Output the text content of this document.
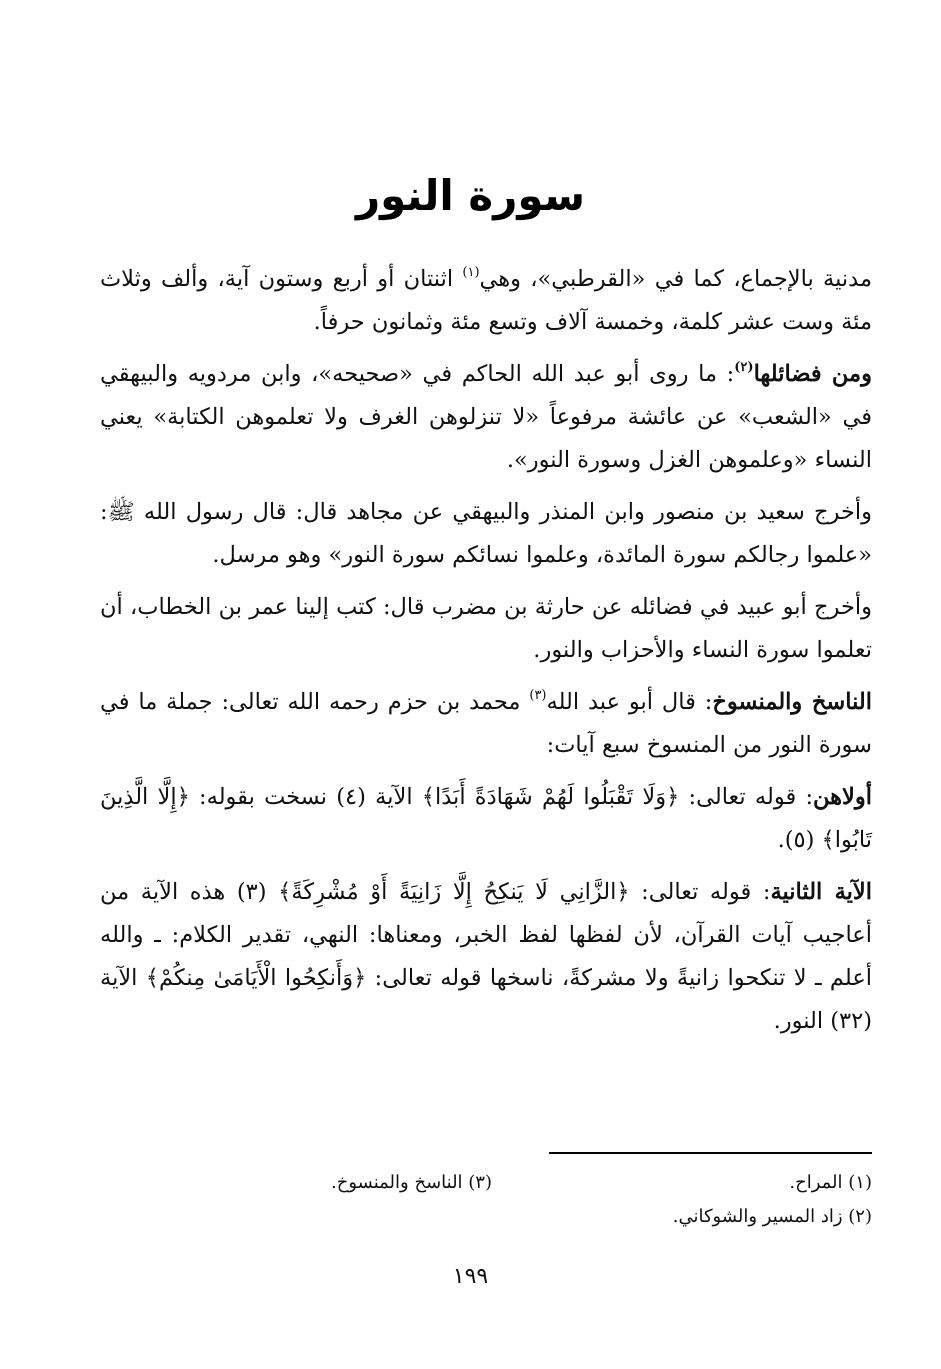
سورة النور

مدنية بالإجماع، كما في «القرطبي»، وهي$^{(١)}$ اثنتان أو أربع وستون آية، وألف وثلاث مئة وست عشر كلمة، وخمسة آلاف وتسع مئة وثمانون حرفاً.

ومن فضائلها$^{(٢)}$: ما روى أبو عبد الله الحاكم في «صحيحه»، وابن مردويه والبيهقي في «الشعب» عن عائشة مرفوعاً «لا تنزلوهن الغرف ولا تعلموهن الكتابة» يعني النساء «وعلموهن الغزل وسورة النور».

وأخرج سعيد بن منصور وابن المنذر والبيهقي عن مجاهد قال: قال رسول الله ﷺ: «علموا رجالكم سورة المائدة، وعلموا نسائكم سورة النور» وهو مرسل.

وأخرج أبو عبيد في فضائله عن حارثة بن مضرب قال: كتب إلينا عمر بن الخطاب، أن تعلموا سورة النساء والأحزاب والنور.

الناسخ والمنسوخ: قال أبو عبد الله$^{(٣)}$ محمد بن حزم رحمه الله تعالى: جملة ما في سورة النور من المنسوخ سبع آيات:

أولاهن: قوله تعالى: ﴿وَلَا تَقْبَلُوا لَهُمْ شَهَادَةً أَبَدًا﴾ الآية (٤) نسخت بقوله: ﴿إِلَّا الَّذِينَ تَابُوا﴾ (٥).

الآية الثانية: قوله تعالى: ﴿الزَّانِي لَا يَنكِحُ إِلَّا زَانِيَةً أَوْ مُشْرِكَةً﴾ (٣) هذه الآية من أعاجيب آيات القرآن، لأن لفظها لفظ الخبر، ومعناها: النهي، تقدير الكلام: ـ والله أعلم ـ لا تنكحوا زانيةً ولا مشركةً، ناسخها قوله تعالى: ﴿وَأَنكِحُوا الْأَيَامَىٰ مِنكُمْ﴾ الآية (٣٢) النور.

(١) المراح.
(٣) الناسخ والمنسوخ.
(٢) زاد المسير والشوكاني.
١٩٩
